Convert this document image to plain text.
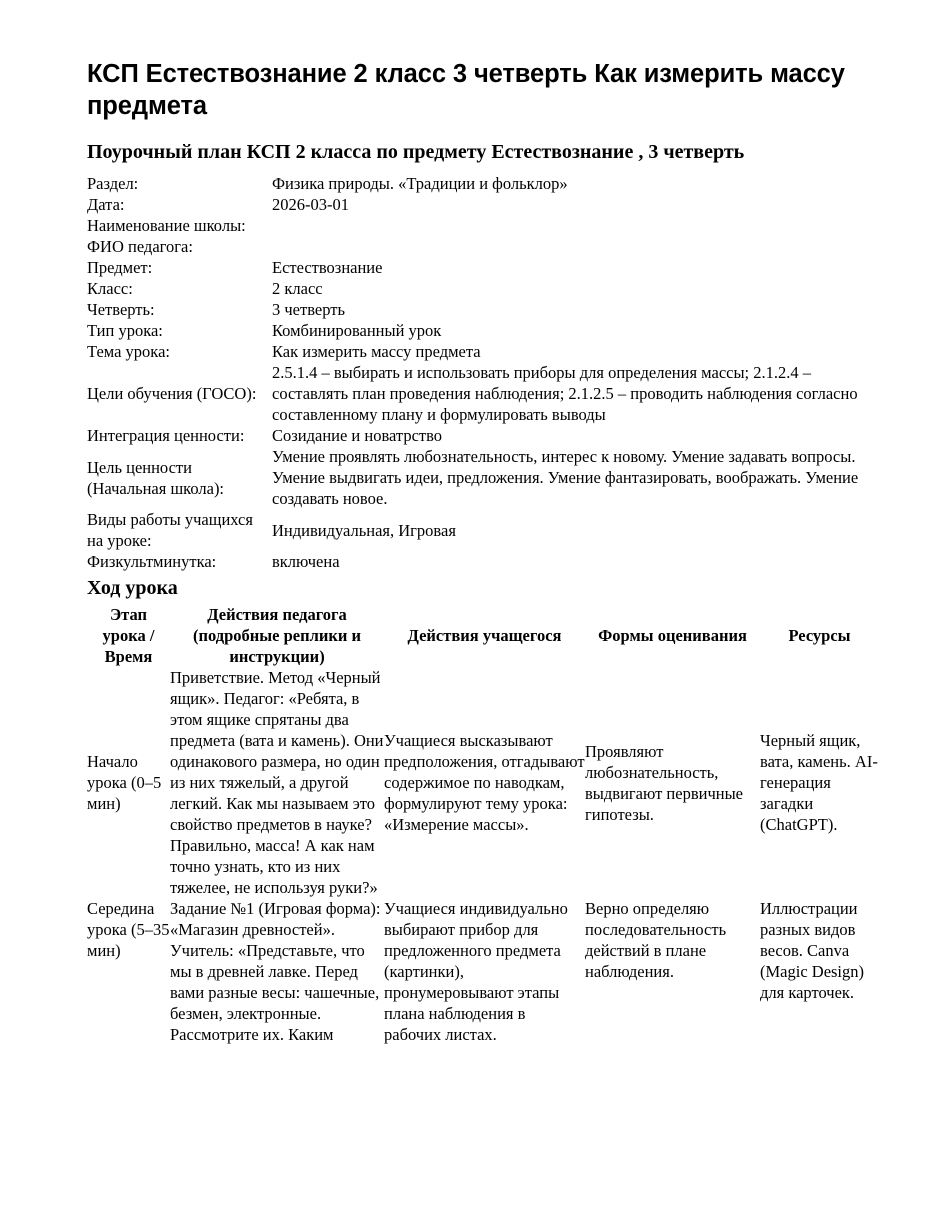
КСП Естествознание 2 класс 3 четверть Как измерить массу предмета
Поурочный план КСП 2 класса по предмету Естествознание , 3 четверть
Раздел:	Физика природы. «Традиции и фольклор»
Дата:	2026-03-01
Наименование школы:	
ФИО педагога:	
Предмет:	Естествознание
Класс:	2 класс
Четверть:	3 четверть
Тип урока:	Комбинированный урок
Тема урока:	Как измерить массу предмета
Цели обучения (ГОСО):	2.5.1.4 – выбирать и использовать приборы для определения массы; 2.1.2.4 – составлять план проведения наблюдения; 2.1.2.5 – проводить наблюдения согласно составленному плану и формулировать выводы
Интеграция ценности:	Созидание и новатрство
Цель ценности (Начальная школа):	Умение проявлять любознательность, интерес к новому. Умение задавать вопросы. Умение выдвигать идеи, предложения. Умение фантазировать, воображать. Умение создавать новое.
Виды работы учащихся на уроке:	Индивидуальная, Игровая
Физкультминутка:	включена
Ход урока
Этап урока / Время	Действия педагога (подробные реплики и инструкции)	Действия учащегося	Формы оценивания	Ресурсы
Начало урока (0–5 мин)	Приветствие. Метод «Черный ящик». Педагог: «Ребята, в этом ящике спрятаны два предмета (вата и камень). Они одинакового размера, но один из них тяжелый, а другой легкий. Как мы называем это свойство предметов в науке? Правильно, масса! А как нам точно узнать, кто из них тяжелее, не используя руки?»	Учащиеся высказывают предположения, отгадывают содержимое по наводкам, формулируют тему урока: «Измерение массы».	Проявляют любознательность, выдвигают первичные гипотезы.	Черный ящик, вата, камень. AI-генерация загадки (ChatGPT).
Середина урока (5–35 мин)	Задание №1 (Игровая форма): «Магазин древностей». Учитель: «Представьте, что мы в древней лавке. Перед вами разные весы: чашечные, безмен, электронные. Рассмотрите их. Каким	Учащиеся индивидуально выбирают прибор для предложенного предмета (картинки), пронумеровывают этапы плана наблюдения в рабочих листах.	Верно определяю последовательность действий в плане наблюдения.	Иллюстрации разных видов весов. Canva (Magic Design) для карточек.
